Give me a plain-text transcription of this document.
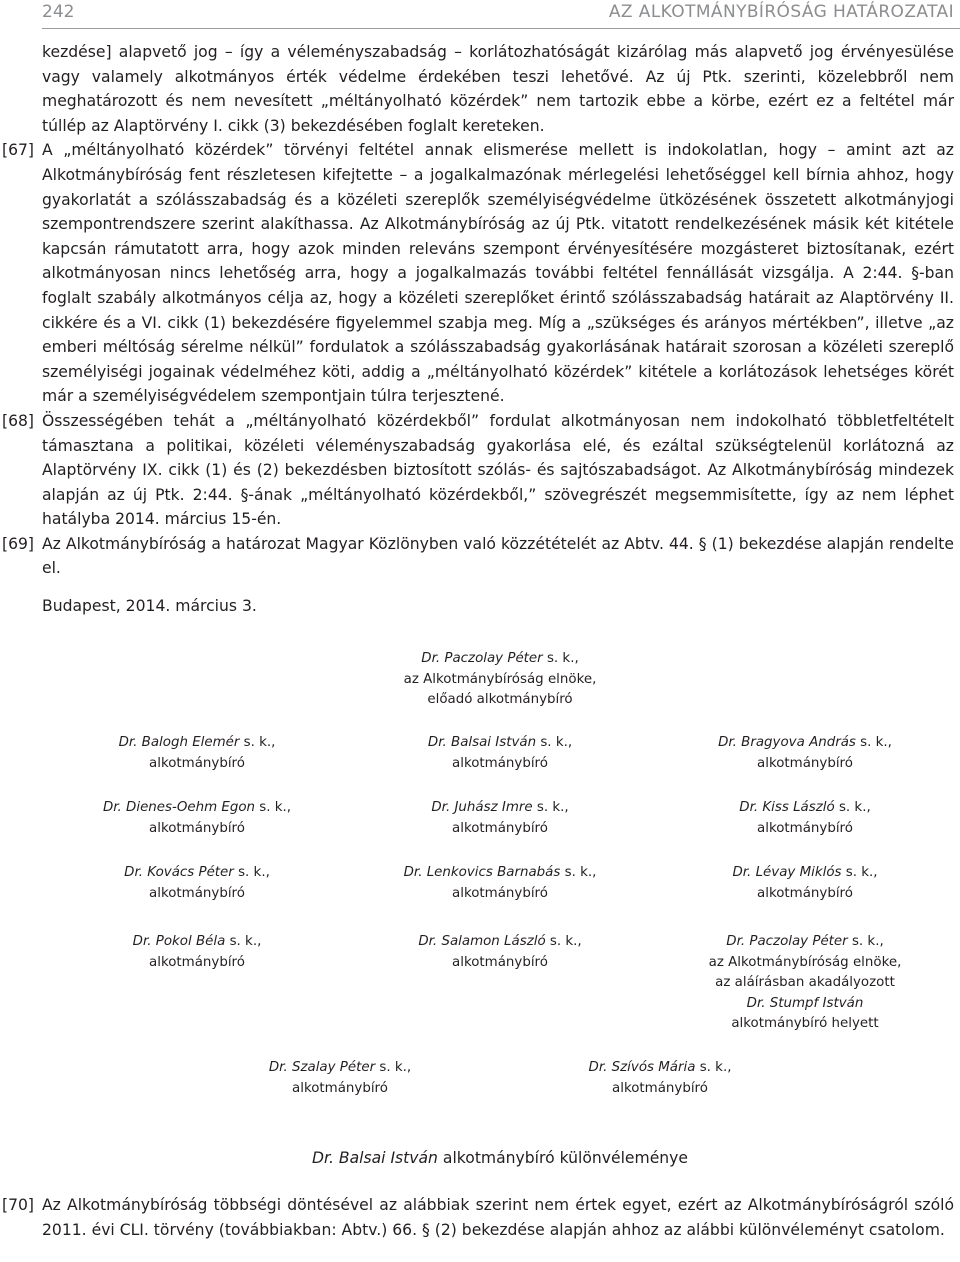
242	AZ ALKOTMÁNYBÍRÓSÁG HATÁROZATAI

kezdése] alapvető jog – így a véleményszabadság – korlátozhatóságát kizárólag más alapvető jog érvényesülése vagy valamely alkotmányos érték védelme érdekében teszi lehetővé. Az új Ptk. szerinti, közelebbről nem meghatározott és nem nevesített „méltányolható közérdek” nem tartozik ebbe a körbe, ezért ez a feltétel már túllép az Alaptörvény I. cikk (3) bekezdésében foglalt kereteken.

[67] A „méltányolható közérdek” törvényi feltétel annak elismerése mellett is indokolatlan, hogy – amint azt az Alkotmánybíróság fent részletesen kifejtette – a jogalkalmazónak mérlegelési lehetőséggel kell bírnia ahhoz, hogy gyakorlatát a szólásszabadság és a közéleti szereplők személyiségvédelme ütközésének összetett alkotmányjogi szempontrendszere szerint alakíthassa. Az Alkotmánybíróság az új Ptk. vitatott rendelkezésének másik két kitétele kapcsán rámutatott arra, hogy azok minden releváns szempont érvényesítésére mozgásteret biztosítanak, ezért alkotmányosan nincs lehetőség arra, hogy a jogalkalmazás további feltétel fennállását vizsgálja. A 2:44. §-ban foglalt szabály alkotmányos célja az, hogy a közéleti szereplőket érintő szólásszabadság határait az Alaptörvény II. cikkére és a VI. cikk (1) bekezdésére figyelemmel szabja meg. Míg a „szükséges és arányos mértékben”, illetve „az emberi méltóság sérelme nélkül” fordulatok a szólásszabadság gyakorlásának határait szorosan a közéleti szereplő személyiségi jogainak védelméhez köti, addig a „méltányolható közérdek” kitétele a korlátozások lehetséges körét már a személyiségvédelem szempontjain túlra terjesztené.

[68] Összességében tehát a „méltányolható közérdekből” fordulat alkotmányosan nem indokolható többletfeltételt támasztana a politikai, közéleti véleményszabadság gyakorlása elé, és ezáltal szükségtelenül korlátozná az Alaptörvény IX. cikk (1) és (2) bekezdésben biztosított szólás- és sajtószabadságot. Az Alkotmánybíróság mindezek alapján az új Ptk. 2:44. §-ának „méltányolható közérdekből,” szövegrészét megsemmisítette, így az nem léphet hatályba 2014. március 15-én.

[69] Az Alkotmánybíróság a határozat Magyar Közlönyben való közzétételét az Abtv. 44. § (1) bekezdése alapján rendelte el.

Budapest, 2014. március 3.
Dr. Paczolay Péter s. k.,
az Alkotmánybíróság elnöke,
előadó alkotmánybíró
Dr. Balogh Elemér s. k.,
alkotmánybíró
Dr. Balsai István s. k.,
alkotmánybíró
Dr. Bragyova András s. k.,
alkotmánybíró
Dr. Dienes-Oehm Egon s. k.,
alkotmánybíró
Dr. Juhász Imre s. k.,
alkotmánybíró
Dr. Kiss László s. k.,
alkotmánybíró
Dr. Kovács Péter s. k.,
alkotmánybíró
Dr. Lenkovics Barnabás s. k.,
alkotmánybíró
Dr. Lévay Miklós s. k.,
alkotmánybíró
Dr. Pokol Béla s. k.,
alkotmánybíró
Dr. Salamon László s. k.,
alkotmánybíró
Dr. Paczolay Péter s. k.,
az Alkotmánybíróság elnöke,
az aláírásban akadályozott
Dr. Stumpf István
alkotmánybíró helyett
Dr. Szalay Péter s. k.,
alkotmánybíró
Dr. Szívós Mária s. k.,
alkotmánybíró
Dr. Balsai István alkotmánybíró különvéleménye

[70] Az Alkotmánybíróság többségi döntésével az alábbiak szerint nem értek egyet, ezért az Alkotmánybíróságról szóló 2011. évi CLI. törvény (továbbiakban: Abtv.) 66. § (2) bekezdése alapján ahhoz az alábbi különvéleményt csatolom.
